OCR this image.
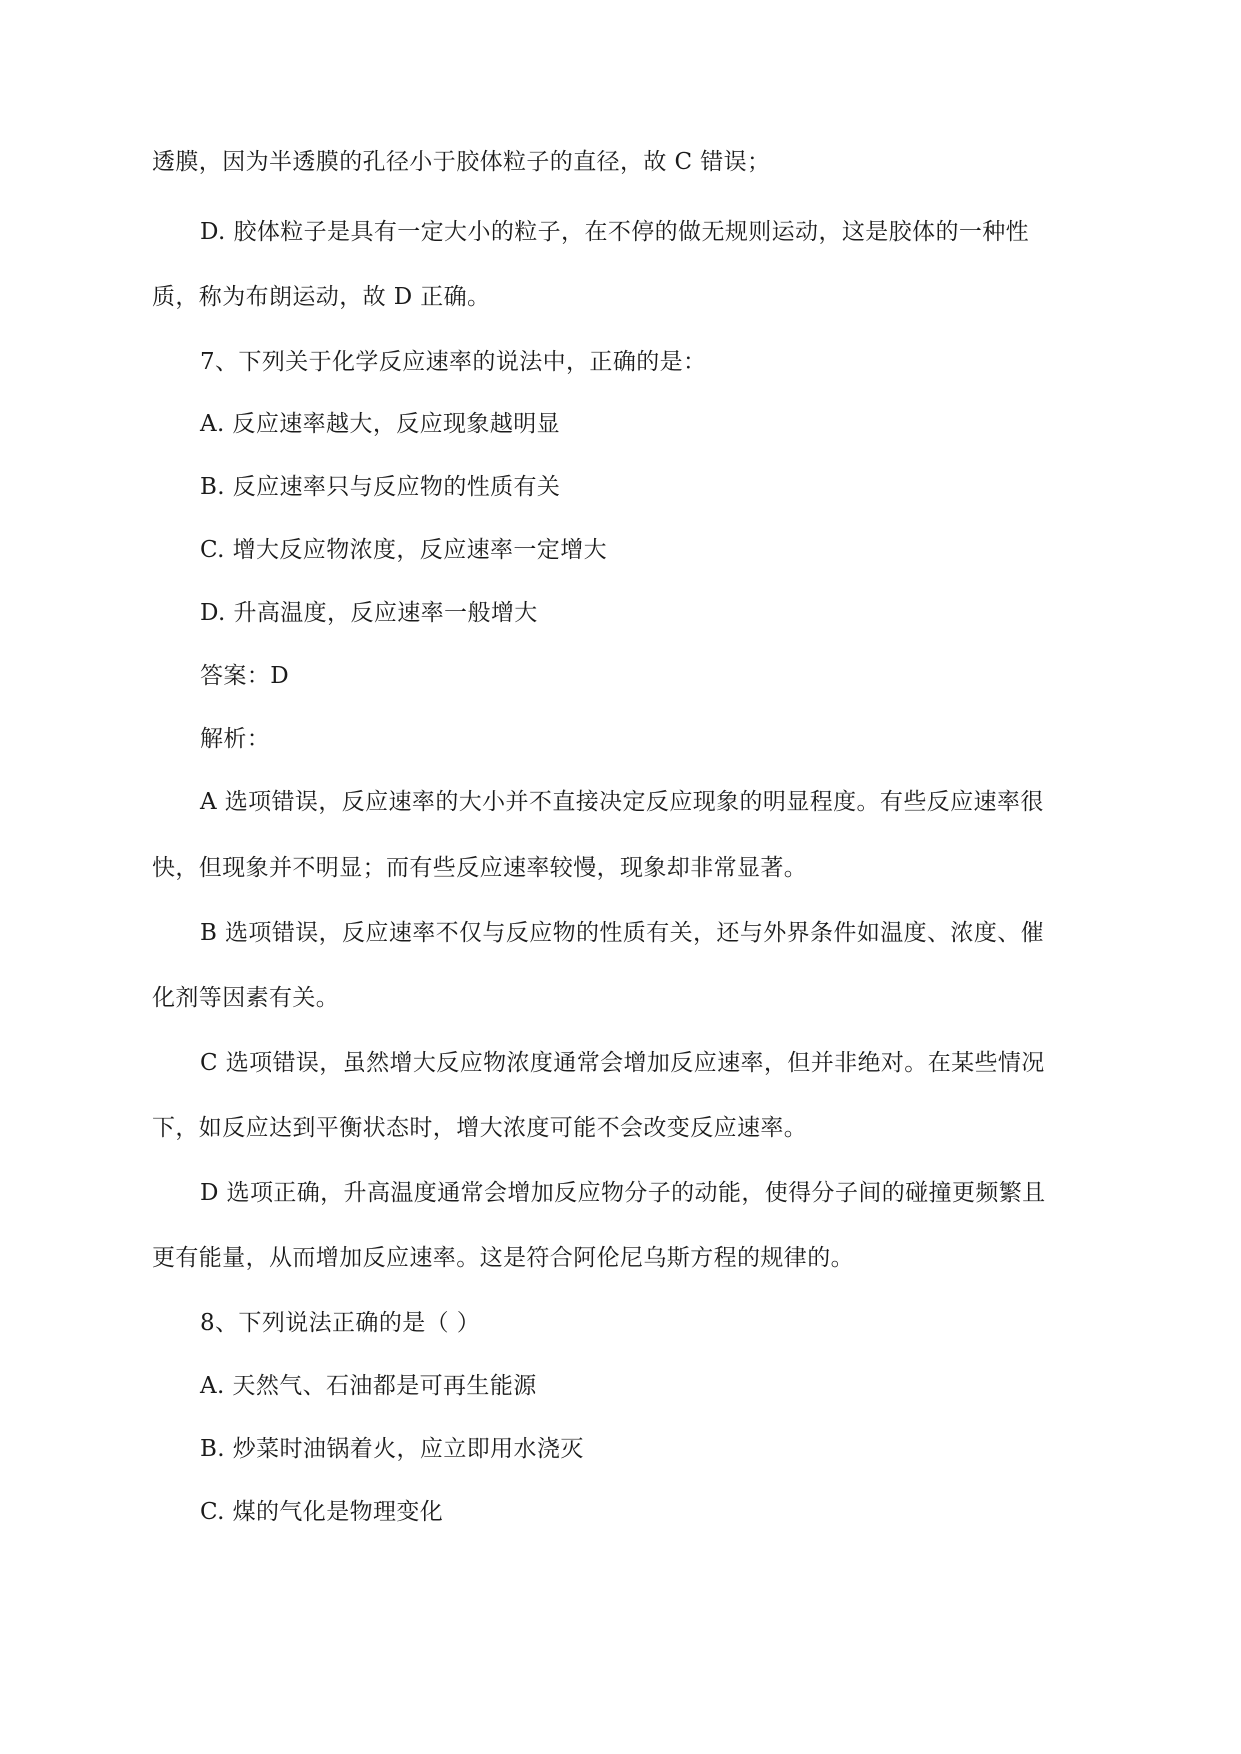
透膜，因为半透膜的孔径小于胶体粒子的直径，故 C 错误；
D. 胶体粒子是具有一定大小的粒子，在不停的做无规则运动，这是胶体的一种性
质，称为布朗运动，故 D 正确。
7、下列关于化学反应速率的说法中，正确的是：
A. 反应速率越大，反应现象越明显
B. 反应速率只与反应物的性质有关
C. 增大反应物浓度，反应速率一定增大
D. 升高温度，反应速率一般增大
答案：D
解析：
A 选项错误，反应速率的大小并不直接决定反应现象的明显程度。有些反应速率很
快，但现象并不明显；而有些反应速率较慢，现象却非常显著。
B 选项错误，反应速率不仅与反应物的性质有关，还与外界条件如温度、浓度、催
化剂等因素有关。
C 选项错误，虽然增大反应物浓度通常会增加反应速率，但并非绝对。在某些情况
下，如反应达到平衡状态时，增大浓度可能不会改变反应速率。
D 选项正确，升高温度通常会增加反应物分子的动能，使得分子间的碰撞更频繁且
更有能量，从而增加反应速率。这是符合阿伦尼乌斯方程的规律的。
8、下列说法正确的是（ ）
A. 天然气、石油都是可再生能源
B. 炒菜时油锅着火，应立即用水浇灭
C. 煤的气化是物理变化
